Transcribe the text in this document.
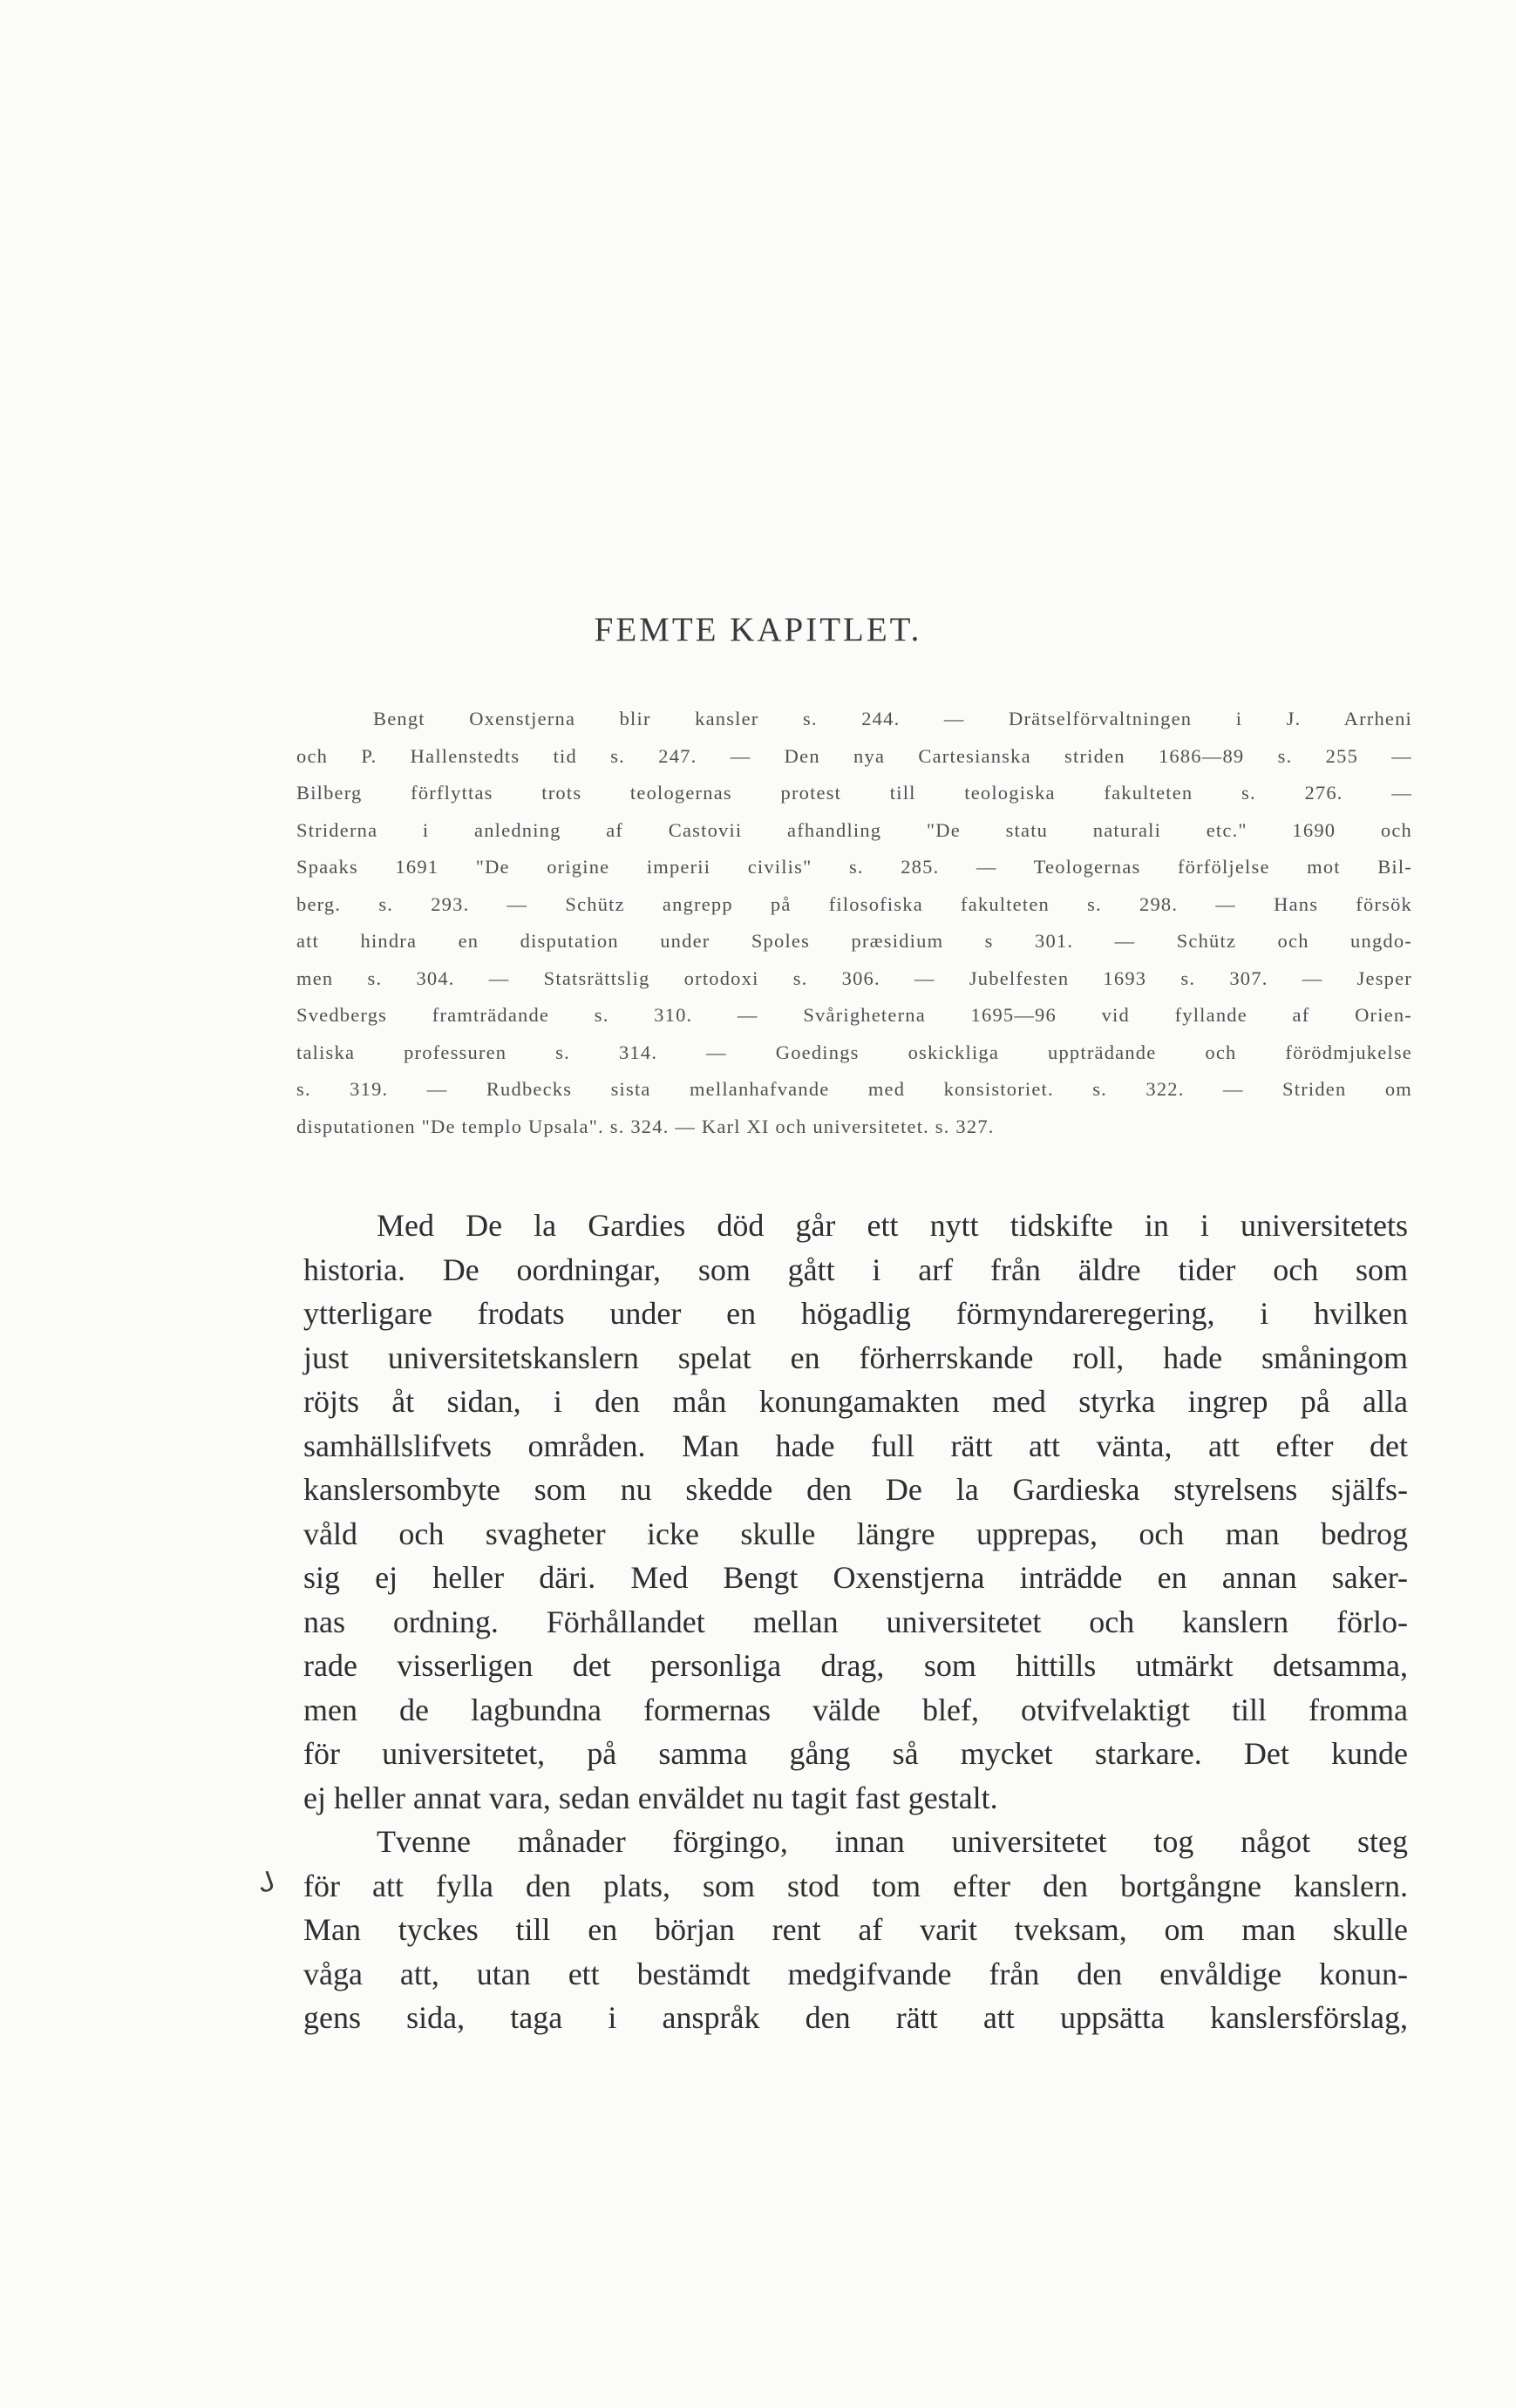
FEMTE KAPITLET.
Bengt Oxenstjerna blir kansler s. 244. — Drätselförvaltningen i J. Arrheni
och P. Hallenstedts tid s. 247. — Den nya Cartesianska striden 1686—89 s. 255 —
Bilberg förflyttas trots teologernas protest till teologiska fakulteten s. 276. —
Striderna i anledning af Castovii afhandling "De statu naturali etc." 1690 och
Spaaks 1691 "De origine imperii civilis" s. 285. — Teologernas förföljelse mot Bil-
berg. s. 293. — Schütz angrepp på filosofiska fakulteten s. 298. — Hans försök
att hindra en disputation under Spoles præsidium s 301. — Schütz och ungdo-
men s. 304. — Statsrättslig ortodoxi s. 306. — Jubelfesten 1693 s. 307. — Jesper
Svedbergs framträdande s. 310. — Svårigheterna 1695—96 vid fyllande af Orien-
taliska professuren s. 314. — Goedings oskickliga uppträdande och förödmjukelse
s. 319. — Rudbecks sista mellanhafvande med konsistoriet. s. 322. — Striden om
disputationen "De templo Upsala". s. 324. — Karl XI och universitetet. s. 327.
Med De la Gardies död går ett nytt tidskifte in i universitetets
historia. De oordningar, som gått i arf från äldre tider och som
ytterligare frodats under en högadlig förmyndareregering, i hvilken
just universitetskanslern spelat en förherrskande roll, hade småningom
röjts åt sidan, i den mån konungamakten med styrka ingrep på alla
samhällslifvets områden. Man hade full rätt att vänta, att efter det
kanslersombyte som nu skedde den De la Gardieska styrelsens själfs-
våld och svagheter icke skulle längre upprepas, och man bedrog
sig ej heller däri. Med Bengt Oxenstjerna inträdde en annan saker-
nas ordning. Förhållandet mellan universitetet och kanslern förlo-
rade visserligen det personliga drag, som hittills utmärkt detsamma,
men de lagbundna formernas välde blef, otvifvelaktigt till fromma
för universitetet, på samma gång så mycket starkare. Det kunde
ej heller annat vara, sedan enväldet nu tagit fast gestalt.
Tvenne månader förgingo, innan universitetet tog något steg
för att fylla den plats, som stod tom efter den bortgångne kanslern.
Man tyckes till en början rent af varit tveksam, om man skulle
våga att, utan ett bestämdt medgifvande från den envåldige konun-
gens sida, taga i anspråk den rätt att uppsätta kanslersförslag,
ᒍ
